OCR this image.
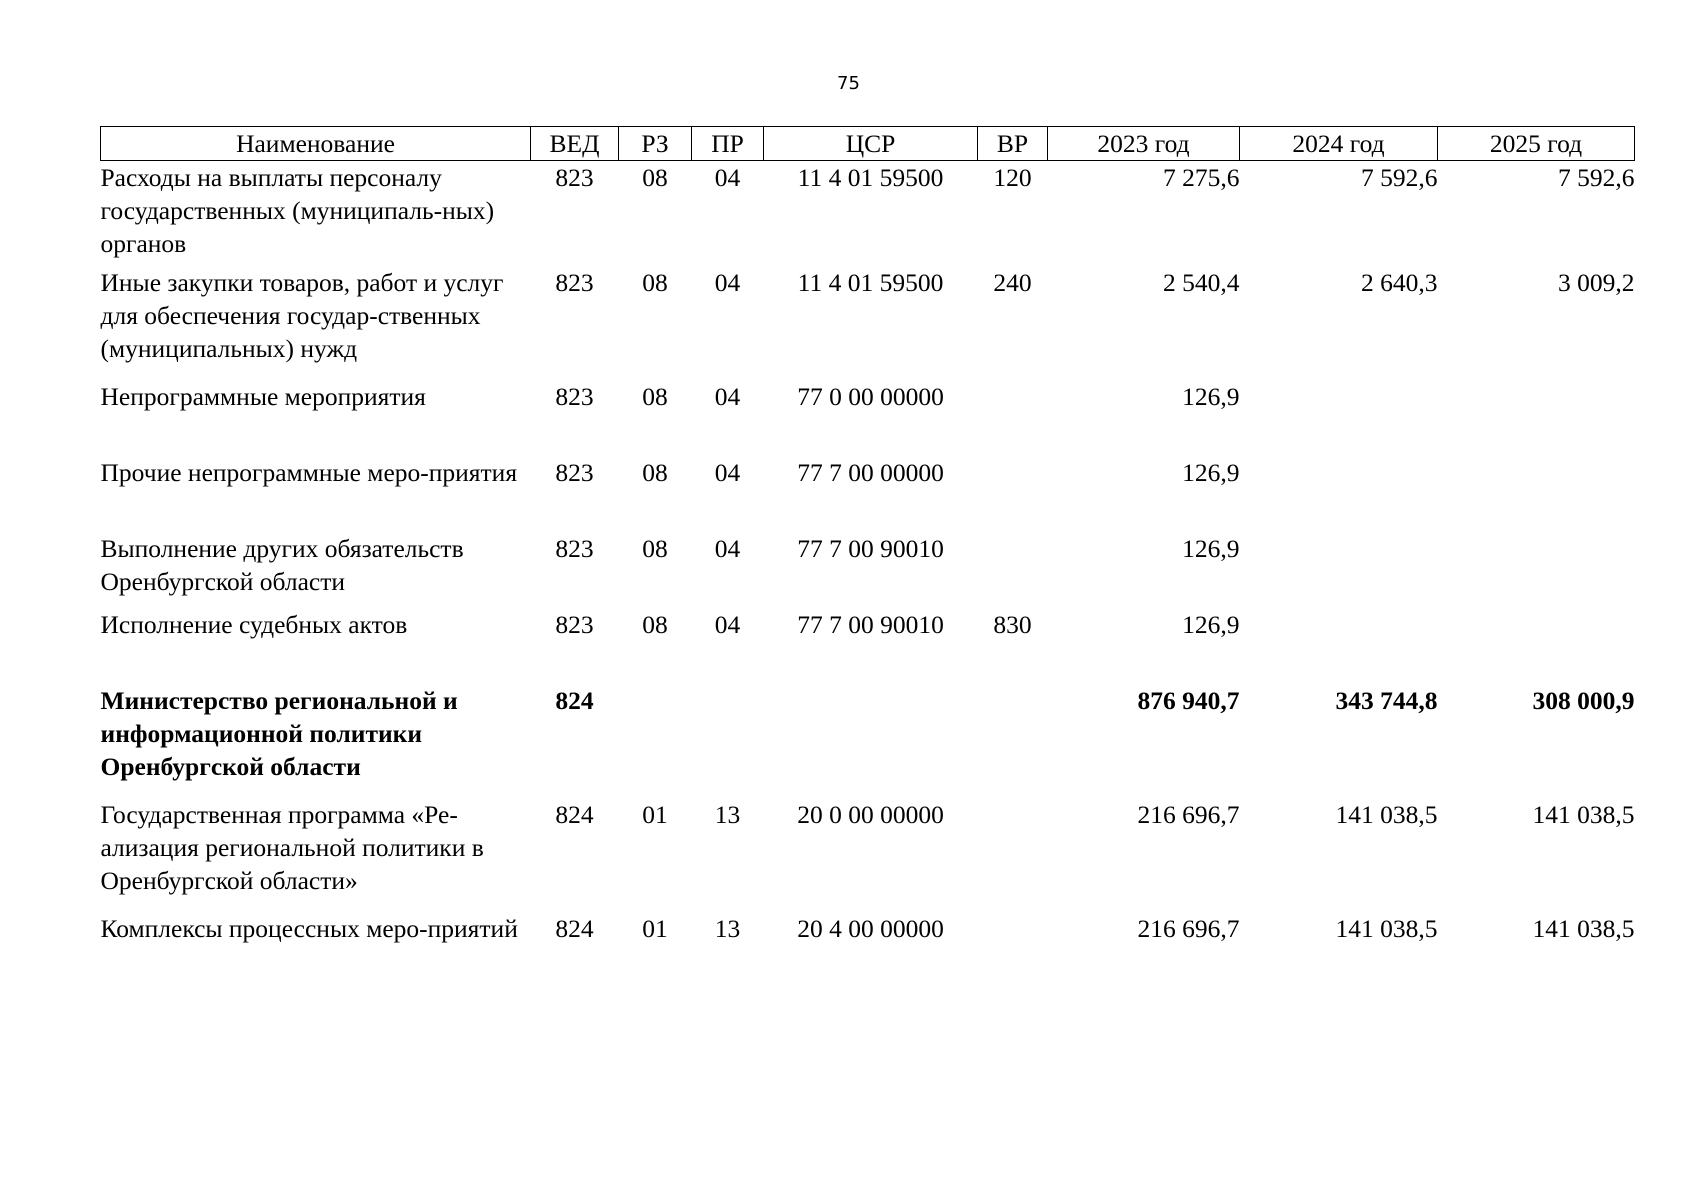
75
Наименование	ВЕД	РЗ	ПР	ЦСР	ВР	2023 год	2024 год	2025 год
Расходы на выплаты персоналу государственных (муниципаль-ных) органов	823	08	04	11 4 01 59500	120	7 275,6	7 592,6	7 592,6
Иные закупки товаров, работ и услуг для обеспечения государ-ственных (муниципальных) нужд	823	08	04	11 4 01 59500	240	2 540,4	2 640,3	3 009,2
Непрограммные мероприятия	823	08	04	77 0 00 00000		126,9		
Прочие непрограммные меро-приятия	823	08	04	77 7 00 00000		126,9		
Выполнение других обязательств Оренбургской области	823	08	04	77 7 00 90010		126,9		
Исполнение судебных актов	823	08	04	77 7 00 90010	830	126,9		
Министерство региональной и информационной политики Оренбургской области	824					876 940,7	343 744,8	308 000,9
Государственная программа «Ре-ализация региональной политики в Оренбургской области»	824	01	13	20 0 00 00000		216 696,7	141 038,5	141 038,5
Комплексы процессных меро-приятий	824	01	13	20 4 00 00000		216 696,7	141 038,5	141 038,5
